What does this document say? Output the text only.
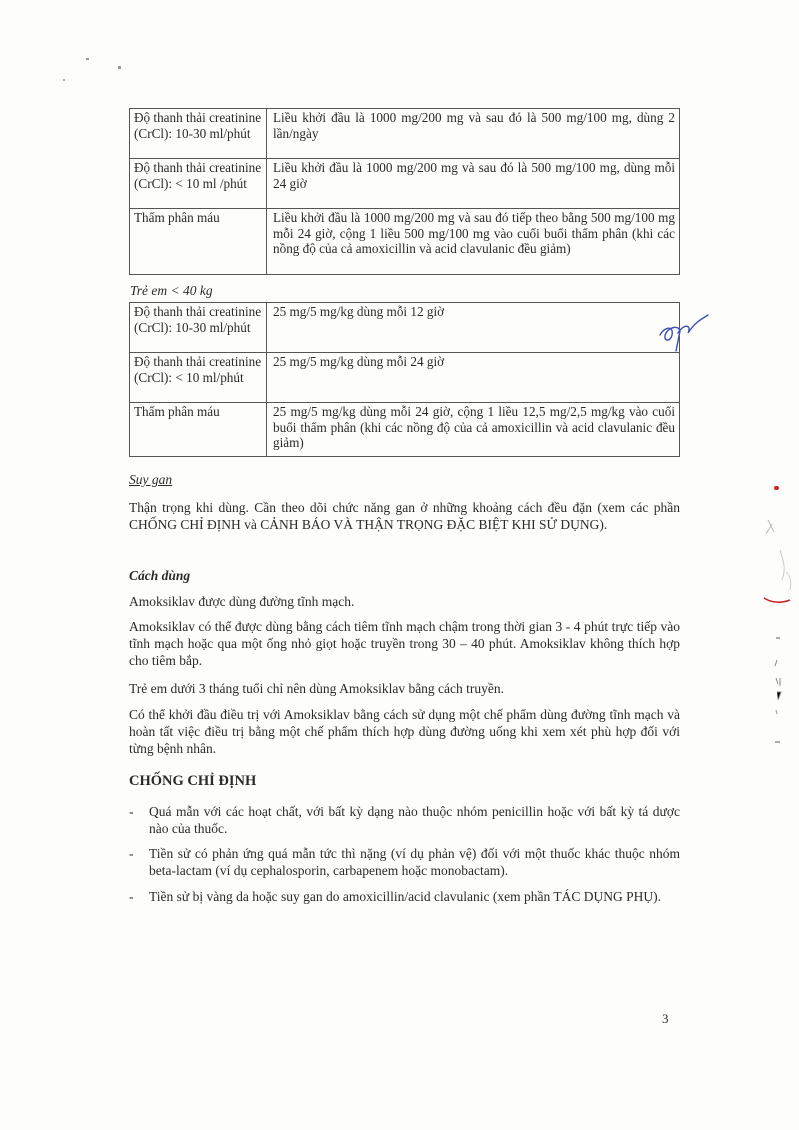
Độ thanh thải creatinine (CrCl): 10-30 ml/phút	Liều khởi đầu là 1000 mg/200 mg và sau đó là 500 mg/100 mg, dùng 2 lần/ngày
Độ thanh thải creatinine (CrCl): < 10 ml /phút	Liều khởi đầu là 1000 mg/200 mg và sau đó là 500 mg/100 mg, dùng mỗi 24 giờ
Thẩm phân máu	Liều khởi đầu là 1000 mg/200 mg và sau đó tiếp theo bằng 500 mg/100 mg mỗi 24 giờ, cộng 1 liều 500 mg/100 mg vào cuối buổi thẩm phân (khi các nồng độ của cả amoxicillin và acid clavulanic đều giảm)
Trẻ em < 40 kg
Độ thanh thải creatinine (CrCl): 10-30 ml/phút	25 mg/5 mg/kg dùng mỗi 12 giờ
Độ thanh thải creatinine (CrCl): < 10 ml/phút	25 mg/5 mg/kg dùng mỗi 24 giờ
Thẩm phân máu	25 mg/5 mg/kg dùng mỗi 24 giờ, cộng 1 liều 12,5 mg/2,5 mg/kg vào cuối buổi thẩm phân (khi các nồng độ của cả amoxicillin và acid clavulanic đều giảm)

Suy gan

Thận trọng khi dùng. Cần theo dõi chức năng gan ở những khoảng cách đều đặn (xem các phần CHỐNG CHỈ ĐỊNH và CẢNH BÁO VÀ THẬN TRỌNG ĐẶC BIỆT KHI SỬ DỤNG).

Cách dùng

Amoksiklav được dùng đường tĩnh mạch.

Amoksiklav có thể được dùng bằng cách tiêm tĩnh mạch chậm trong thời gian 3 - 4 phút trực tiếp vào tĩnh mạch hoặc qua một ống nhỏ giọt hoặc truyền trong 30 – 40 phút. Amoksiklav không thích hợp cho tiêm bắp.

Trẻ em dưới 3 tháng tuổi chỉ nên dùng Amoksiklav bằng cách truyền.

Có thể khởi đầu điều trị với Amoksiklav bằng cách sử dụng một chế phẩm dùng đường tĩnh mạch và hoàn tất việc điều trị bằng một chế phẩm thích hợp dùng đường uống khi xem xét phù hợp đối với từng bệnh nhân.

CHỐNG CHỈ ĐỊNH

- Quá mẫn với các hoạt chất, với bất kỳ dạng nào thuộc nhóm penicillin hoặc với bất kỳ tá dược nào của thuốc.
- Tiền sử có phản ứng quá mẫn tức thì nặng (ví dụ phản vệ) đối với một thuốc khác thuộc nhóm beta-lactam (ví dụ cephalosporin, carbapenem hoặc monobactam).
- Tiền sử bị vàng da hoặc suy gan do amoxicillin/acid clavulanic (xem phần TÁC DỤNG PHỤ).
3
